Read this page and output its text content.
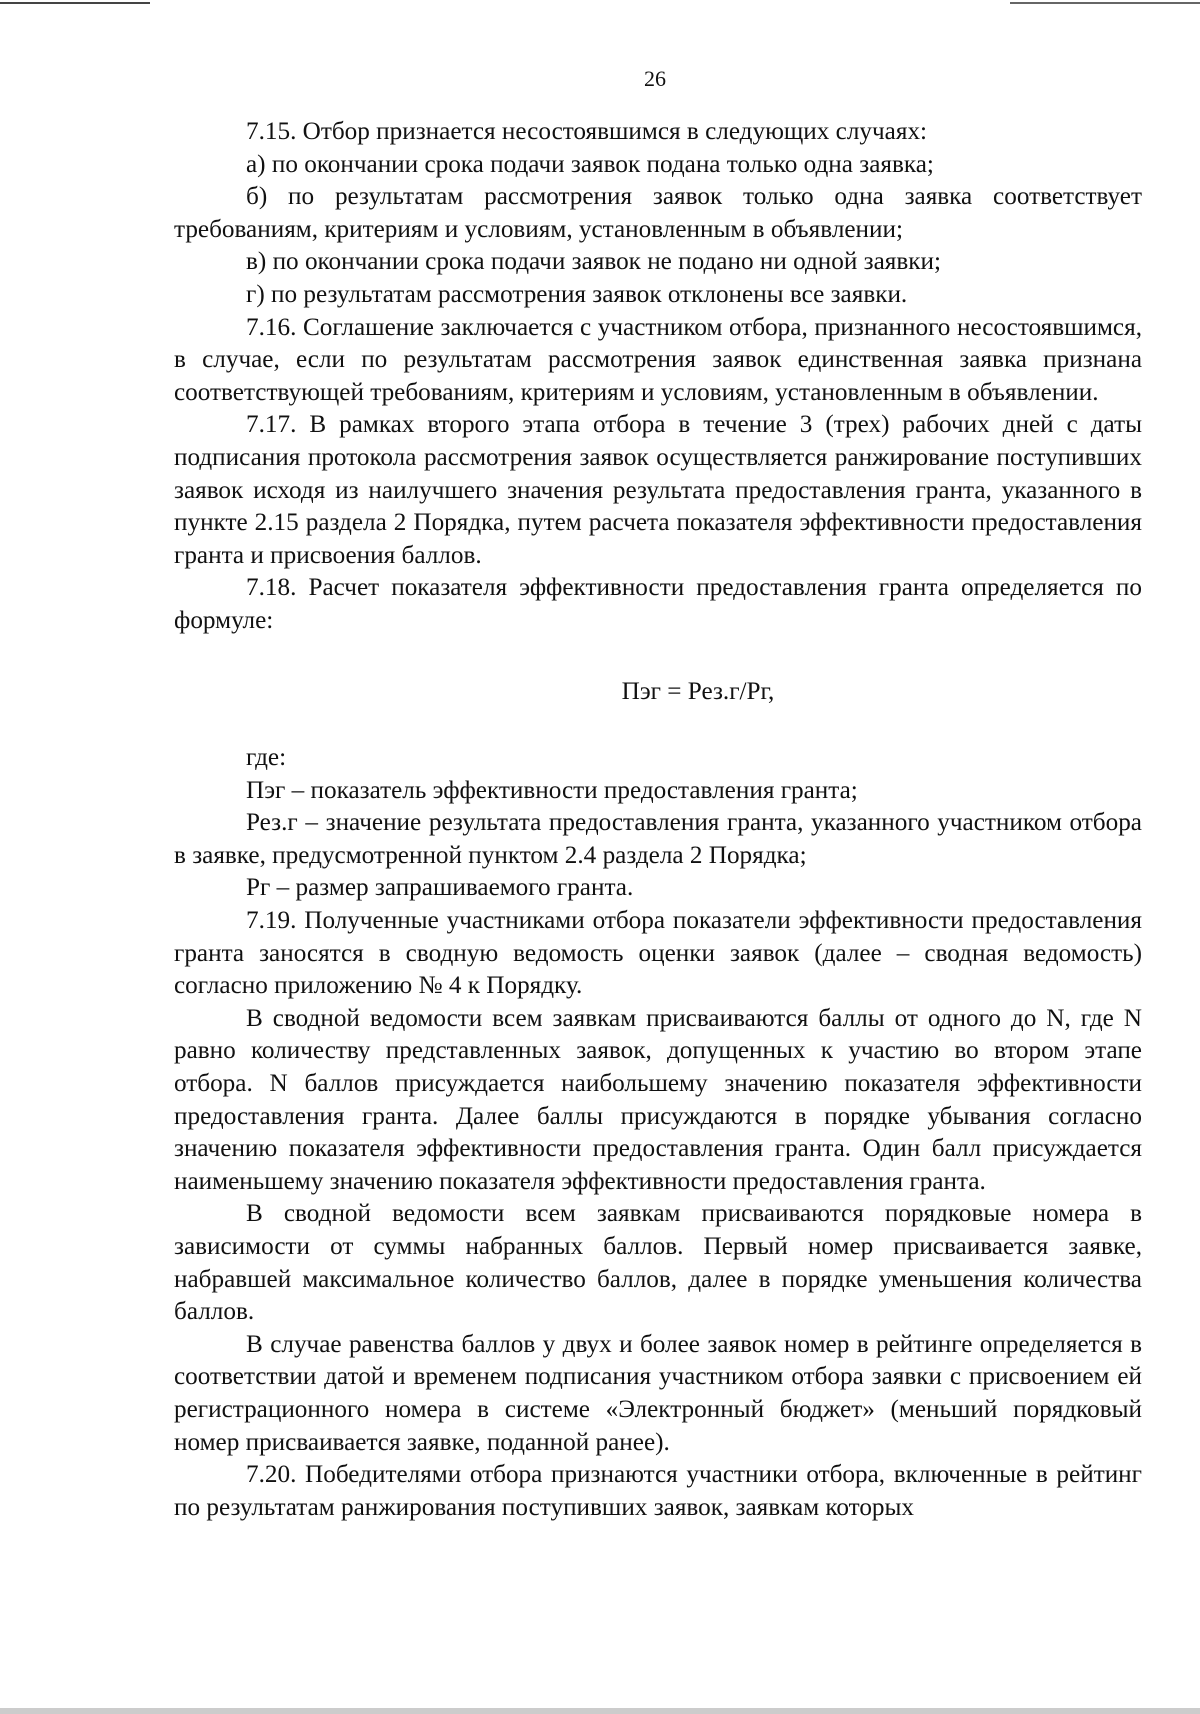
26

7.15. Отбор признается несостоявшимся в следующих случаях:

а) по окончании срока подачи заявок подана только одна заявка;

б) по результатам рассмотрения заявок только одна заявка соответствует требованиям, критериям и условиям, установленным в объявлении;

в) по окончании срока подачи заявок не подано ни одной заявки;

г) по результатам рассмотрения заявок отклонены все заявки.

7.16. Соглашение заключается с участником отбора, признанного несостоявшимся, в случае, если по результатам рассмотрения заявок единственная заявка признана соответствующей требованиям, критериям и условиям, установленным в объявлении.

7.17. В рамках второго этапа отбора в течение 3 (трех) рабочих дней с даты подписания протокола рассмотрения заявок осуществляется ранжирование поступивших заявок исходя из наилучшего значения результата предоставления гранта, указанного в пункте 2.15 раздела 2 Порядка, путем расчета показателя эффективности предоставления гранта и присвоения баллов.

7.18. Расчет показателя эффективности предоставления гранта определяется по формуле:

Пэг = Рез.г/Рг,

где:

Пэг – показатель эффективности предоставления гранта;

Рез.г – значение результата предоставления гранта, указанного участником отбора в заявке, предусмотренной пунктом 2.4 раздела 2 Порядка;

Рг – размер запрашиваемого гранта.

7.19. Полученные участниками отбора показатели эффективности предоставления гранта заносятся в сводную ведомость оценки заявок (далее – сводная ведомость) согласно приложению № 4 к Порядку.

В сводной ведомости всем заявкам присваиваются баллы от одного до N, где N равно количеству представленных заявок, допущенных к участию во втором этапе отбора. N баллов присуждается наибольшему значению показателя эффективности предоставления гранта. Далее баллы присуждаются в порядке убывания согласно значению показателя эффективности предоставления гранта. Один балл присуждается наименьшему значению показателя эффективности предоставления гранта.

В сводной ведомости всем заявкам присваиваются порядковые номера в зависимости от суммы набранных баллов. Первый номер присваивается заявке, набравшей максимальное количество баллов, далее в порядке уменьшения количества баллов.

В случае равенства баллов у двух и более заявок номер в рейтинге определяется в соответствии датой и временем подписания участником отбора заявки с присвоением ей регистрационного номера в системе «Электронный бюджет» (меньший порядковый номер присваивается заявке, поданной ранее).

7.20. Победителями отбора признаются участники отбора, включенные в рейтинг по результатам ранжирования поступивших заявок, заявкам которых
